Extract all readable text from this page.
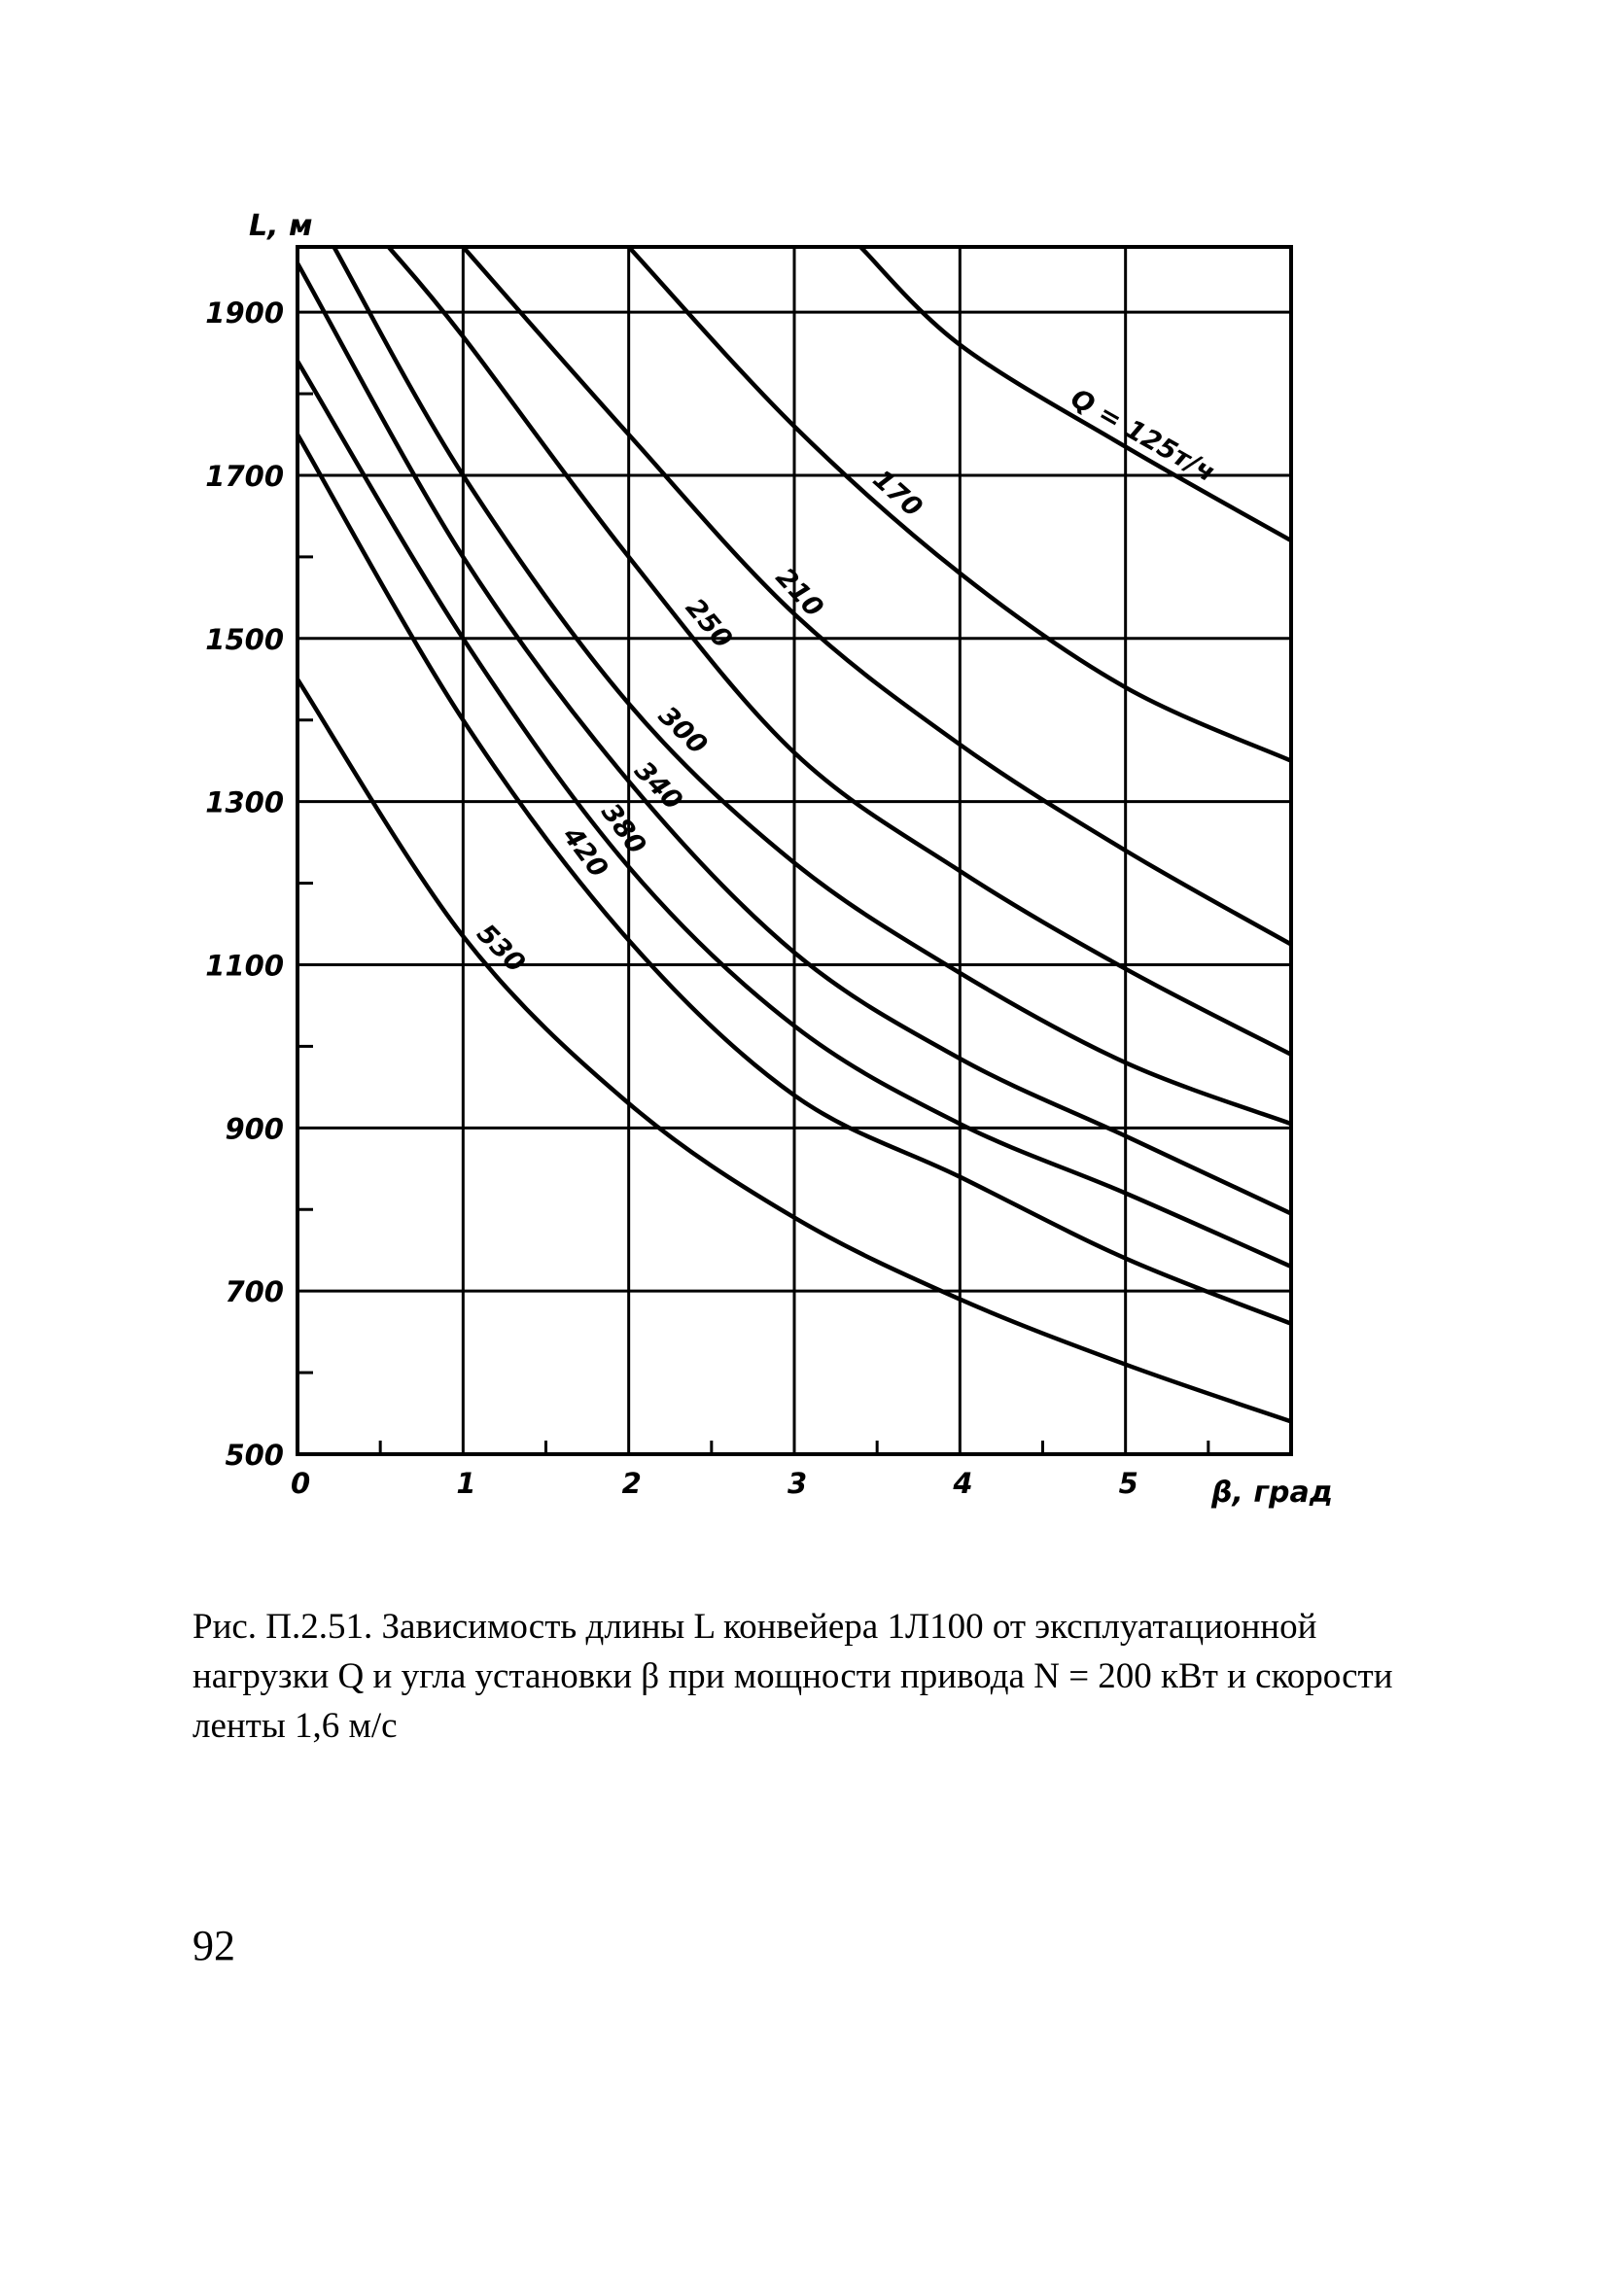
L, м
0	1	2	3	4	5
500
700
900
1100
1300
1500
1700
1900
Q = 125т/ч
170
210
250
300
340
380
420
530
β, град
Рис. П.2.51. Зависимость длины L конвейера 1Л100 от эксплуатационной нагрузки Q и угла установки β при мощности привода N = 200 кВт и скорости ленты 1,6 м/с
92
